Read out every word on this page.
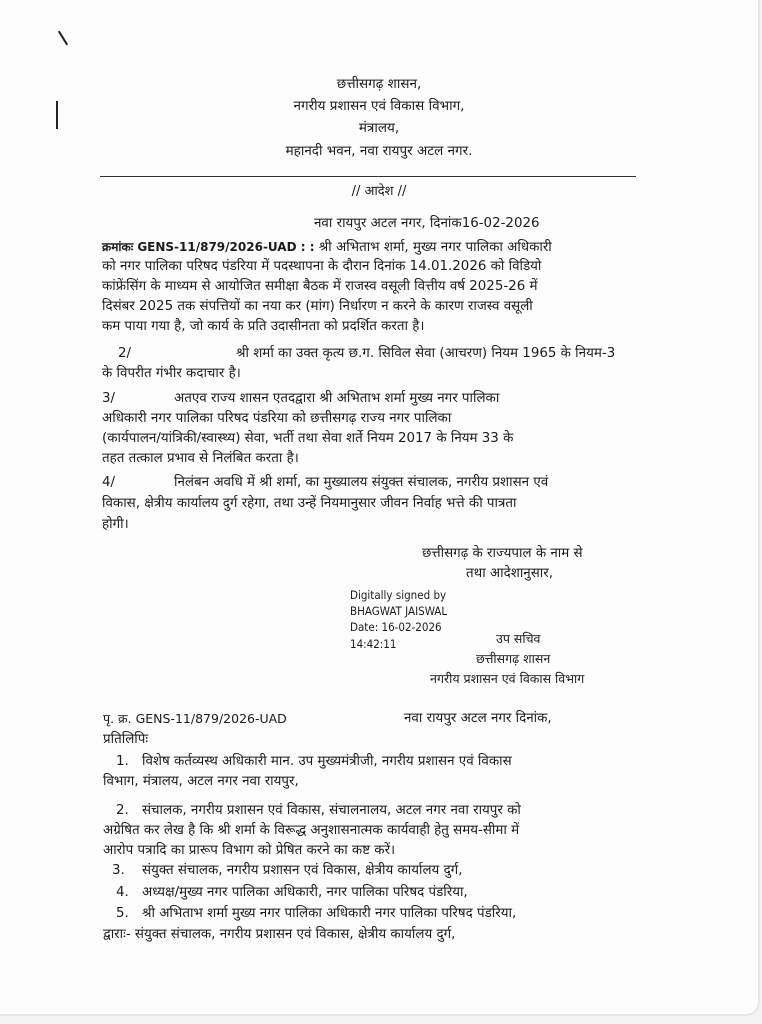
छत्तीसगढ़ शासन,
नगरीय प्रशासन एवं विकास विभाग,
मंत्रालय,
महानदी भवन, नवा रायपुर अटल नगर.
// आदेश //
नवा रायपुर अटल नगर, दिनांक16-02-2026
क्रमांकः GENS-11/879/2026-UAD : : श्री अभिताभ शर्मा, मुख्य नगर पालिका अधिकारी
को नगर पालिका परिषद पंडरिया में पदस्थापना के दौरान दिनांक 14.01.2026 को विडियो
कांफ्रेंसिंग के माध्यम से आयोजित समीक्षा बैठक में राजस्व वसूली वित्तीय वर्ष 2025-26 में
दिसंबर 2025 तक संपत्तियों का नया कर (मांग) निर्धारण न करने के कारण राजस्व वसूली
कम पाया गया है, जो कार्य के प्रति उदासीनता को प्रदर्शित करता है।
2/	श्री शर्मा का उक्त कृत्य छ.ग. सिविल सेवा (आचरण) नियम 1965 के नियम-3
के विपरीत गंभीर कदाचार है।
3/	अतएव राज्य शासन एतदद्वारा श्री अभिताभ शर्मा मुख्य नगर पालिका
अधिकारी नगर पालिका परिषद पंडरिया को छत्तीसगढ़ राज्य नगर पालिका
(कार्यपालन/यांत्रिकी/स्वास्थ्य) सेवा, भर्ती तथा सेवा शर्ते नियम 2017 के नियम 33 के
तहत तत्काल प्रभाव से निलंबित करता है।
4/	निलंबन अवधि में श्री शर्मा, का मुख्यालय संयुक्त संचालक, नगरीय प्रशासन एवं
विकास, क्षेत्रीय कार्यालय दुर्ग रहेगा, तथा उन्हें नियमानुसार जीवन निर्वाह भत्ते की पात्रता
होगी।
छत्तीसगढ़ के राज्यपाल के नाम से
तथा आदेशानुसार,
Digitally signed by
BHAGWAT JAISWAL
Date: 16-02-2026
14:42:11	उप सचिव
छत्तीसगढ़ शासन
नगरीय प्रशासन एवं विकास विभाग
पृ. क्र. GENS-11/879/2026-UAD	नवा रायपुर अटल नगर दिनांक,
प्रतिलिपिः
1. विशेष कर्तव्यस्थ अधिकारी मान. उप मुख्यमंत्रीजी, नगरीय प्रशासन एवं विकास
विभाग, मंत्रालय, अटल नगर नवा रायपुर,
2. संचालक, नगरीय प्रशासन एवं विकास, संचालनालय, अटल नगर नवा रायपुर को
अग्रेषित कर लेख है कि श्री शर्मा के विरूद्ध अनुशासनात्मक कार्यवाही हेतु समय-सीमा में
आरोप पत्रादि का प्रारूप विभाग को प्रेषित करने का कष्ट करें।
3. संयुक्त संचालक, नगरीय प्रशासन एवं विकास, क्षेत्रीय कार्यालय दुर्ग,
4. अध्यक्ष/मुख्य नगर पालिका अधिकारी, नगर पालिका परिषद पंडरिया,
5. श्री अभिताभ शर्मा मुख्य नगर पालिका अधिकारी नगर पालिका परिषद पंडरिया,
द्वाराः- संयुक्त संचालक, नगरीय प्रशासन एवं विकास, क्षेत्रीय कार्यालय दुर्ग,
